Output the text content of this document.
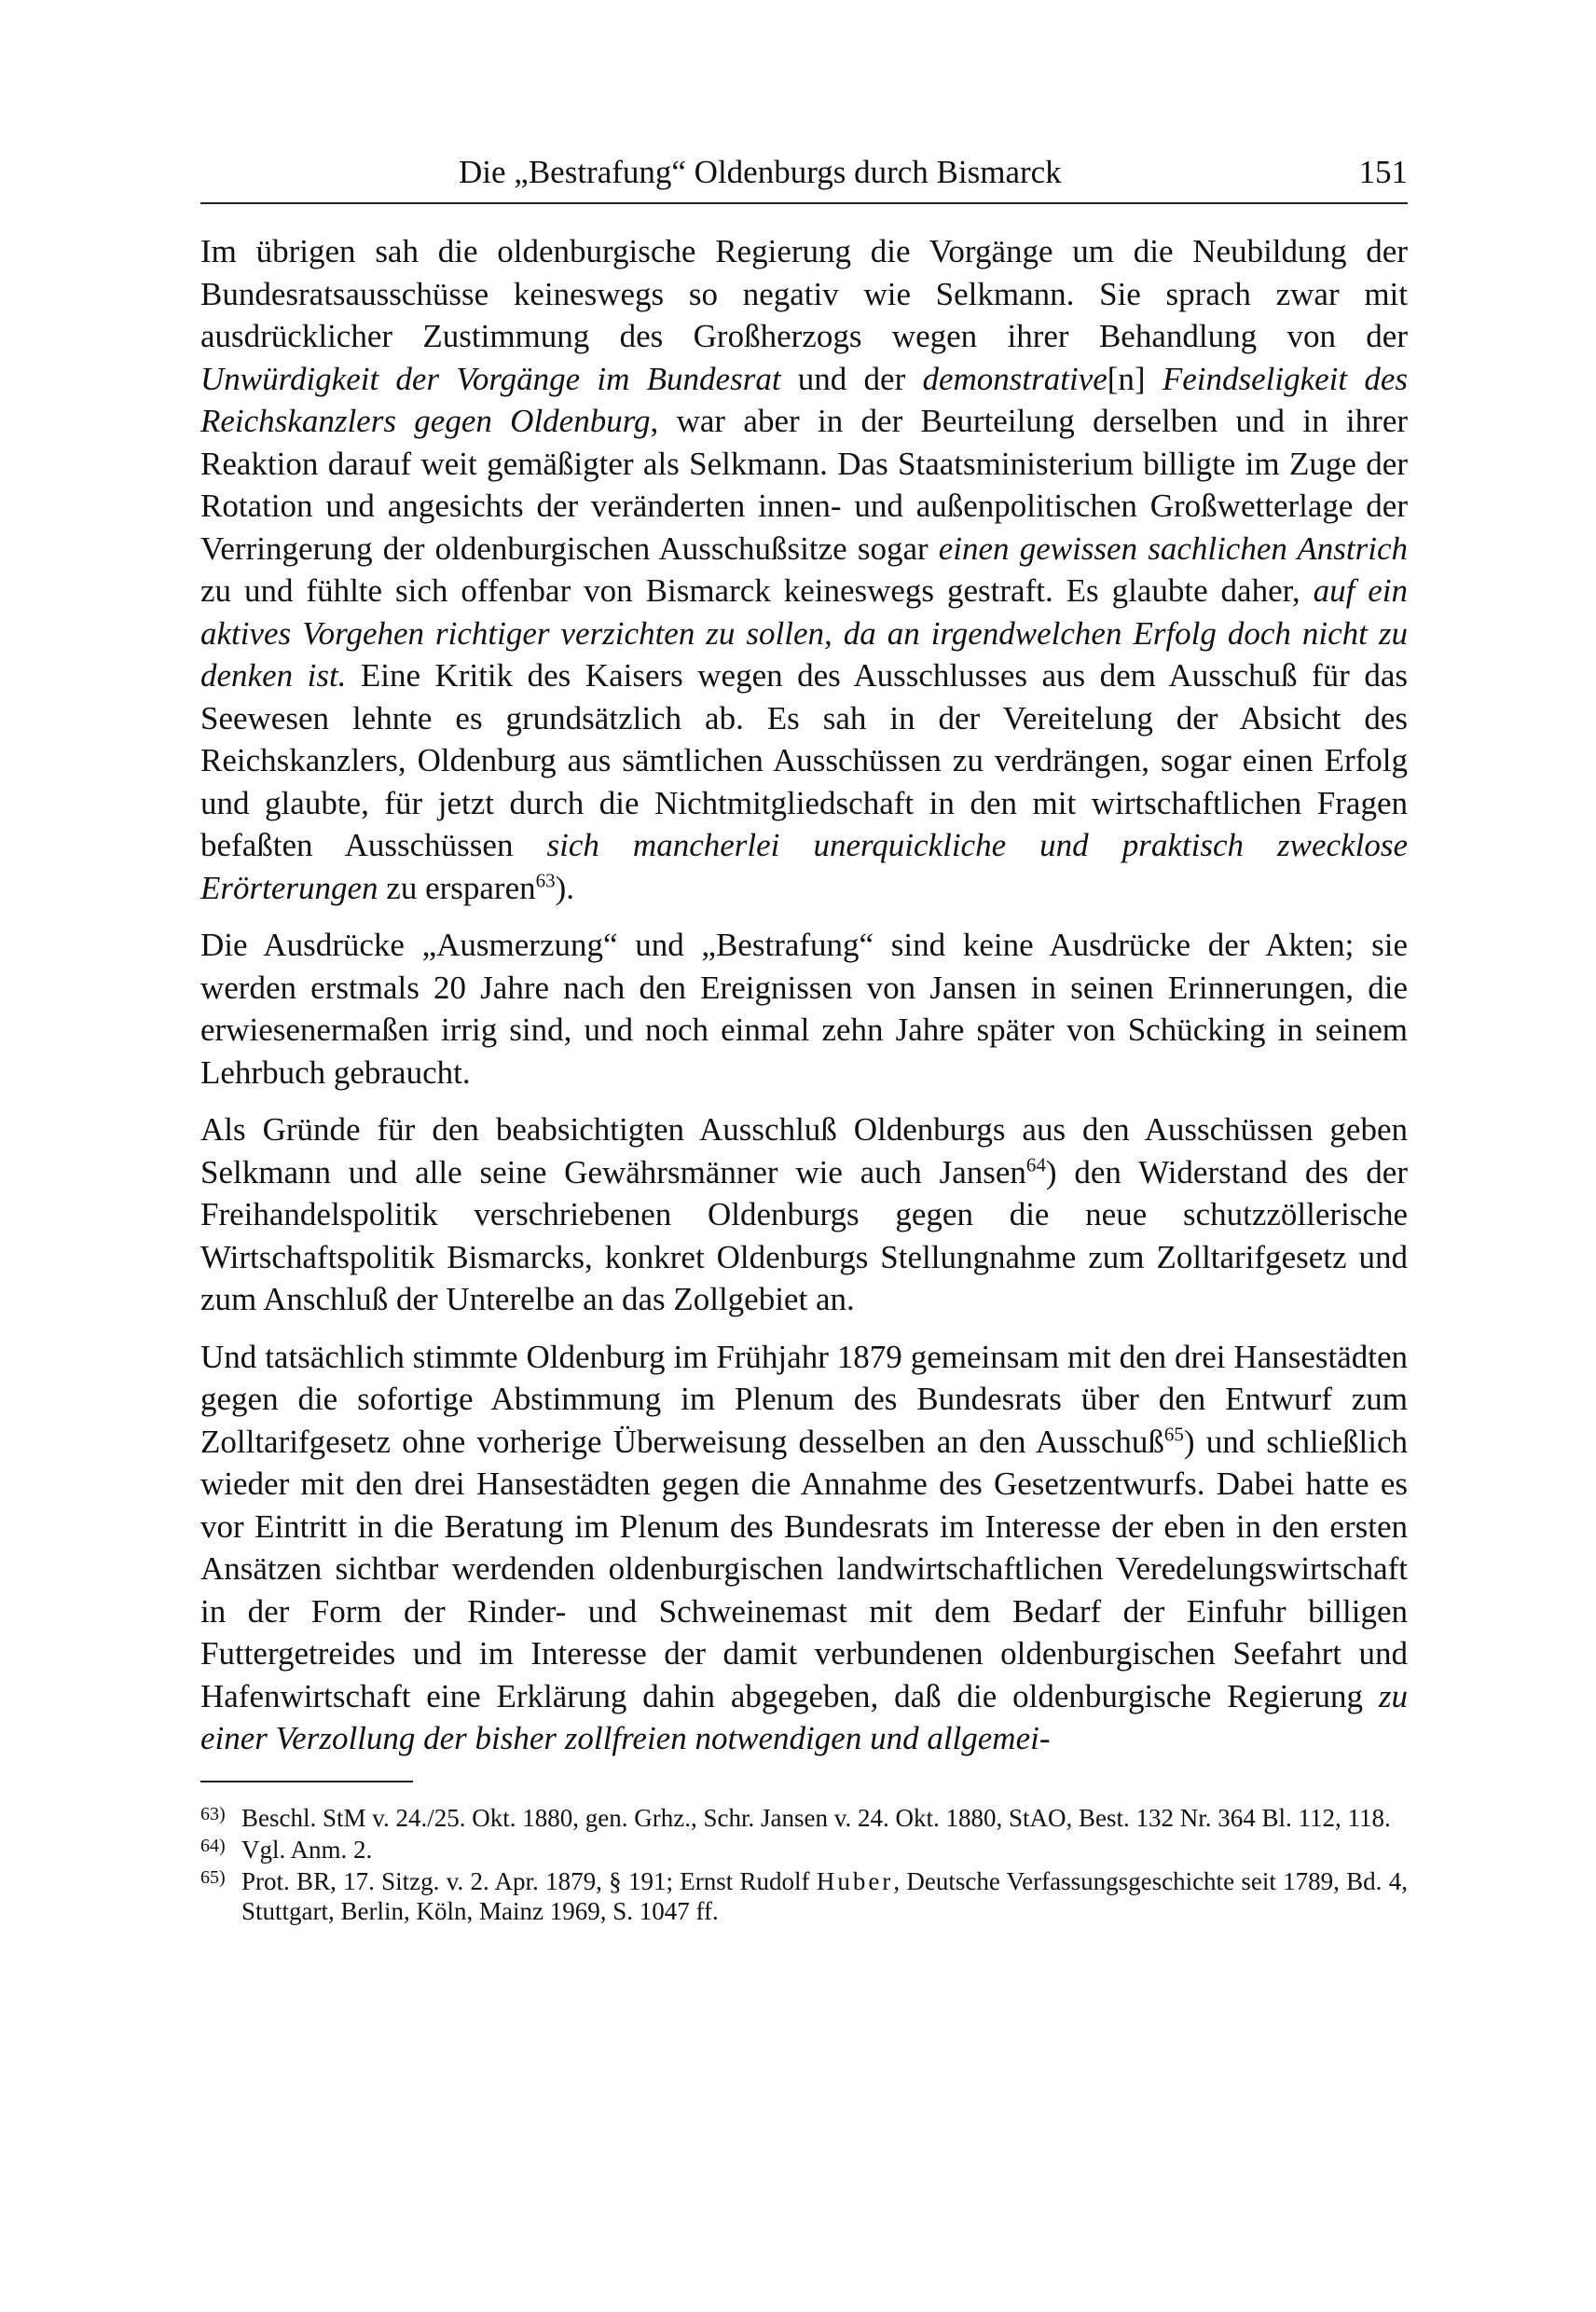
Die „Bestrafung“ Oldenburgs durch Bismarck	151

Im übrigen sah die oldenburgische Regierung die Vorgänge um die Neubildung der Bundesratsausschüsse keineswegs so negativ wie Selkmann. Sie sprach zwar mit ausdrücklicher Zustimmung des Großherzogs wegen ihrer Behandlung von der Unwürdigkeit der Vorgänge im Bundesrat und der demonstrative[n] Feindseligkeit des Reichskanzlers gegen Oldenburg, war aber in der Beurteilung derselben und in ihrer Reaktion darauf weit gemäßigter als Selkmann. Das Staatsministerium billigte im Zuge der Rotation und angesichts der veränderten innen- und außenpolitischen Großwetterlage der Verringerung der oldenburgischen Ausschußsitze sogar einen gewissen sachlichen Anstrich zu und fühlte sich offenbar von Bismarck keineswegs gestraft. Es glaubte daher, auf ein aktives Vorgehen richtiger verzichten zu sollen, da an irgendwelchen Erfolg doch nicht zu denken ist. Eine Kritik des Kaisers wegen des Ausschlusses aus dem Ausschuß für das Seewesen lehnte es grundsätzlich ab. Es sah in der Vereitelung der Absicht des Reichskanzlers, Oldenburg aus sämtlichen Ausschüssen zu verdrängen, sogar einen Erfolg und glaubte, für jetzt durch die Nichtmitgliedschaft in den mit wirtschaftlichen Fragen befaßten Ausschüssen sich mancherlei unerquickliche und praktisch zwecklose Erörterungen zu ersparen$^{63}$).

Die Ausdrücke „Ausmerzung“ und „Bestrafung“ sind keine Ausdrücke der Akten; sie werden erstmals 20 Jahre nach den Ereignissen von Jansen in seinen Erinnerungen, die erwiesenermaßen irrig sind, und noch einmal zehn Jahre später von Schücking in seinem Lehrbuch gebraucht.

Als Gründe für den beabsichtigten Ausschluß Oldenburgs aus den Ausschüssen geben Selkmann und alle seine Gewährsmänner wie auch Jansen$^{64}$) den Widerstand des der Freihandelspolitik verschriebenen Oldenburgs gegen die neue schutzzöllerische Wirtschaftspolitik Bismarcks, konkret Oldenburgs Stellungnahme zum Zolltarifgesetz und zum Anschluß der Unterelbe an das Zollgebiet an.

Und tatsächlich stimmte Oldenburg im Frühjahr 1879 gemeinsam mit den drei Hansestädten gegen die sofortige Abstimmung im Plenum des Bundesrats über den Entwurf zum Zolltarifgesetz ohne vorherige Überweisung desselben an den Ausschuß$^{65}$) und schließlich wieder mit den drei Hansestädten gegen die Annahme des Gesetzentwurfs. Dabei hatte es vor Eintritt in die Beratung im Plenum des Bundesrats im Interesse der eben in den ersten Ansätzen sichtbar werdenden oldenburgischen landwirtschaftlichen Veredelungswirtschaft in der Form der Rinder- und Schweinemast mit dem Bedarf der Einfuhr billigen Futtergetreides und im Interesse der damit verbundenen oldenburgischen Seefahrt und Hafenwirtschaft eine Erklärung dahin abgegeben, daß die oldenburgische Regierung zu einer Verzollung der bisher zollfreien notwendigen und allgemei-

63) Beschl. StM v. 24./25. Okt. 1880, gen. Grhz., Schr. Jansen v. 24. Okt. 1880, StAO, Best. 132 Nr. 364 Bl. 112, 118.
64) Vgl. Anm. 2.
65) Prot. BR, 17. Sitzg. v. 2. Apr. 1879, § 191; Ernst Rudolf Huber, Deutsche Verfassungsgeschichte seit 1789, Bd. 4, Stuttgart, Berlin, Köln, Mainz 1969, S. 1047 ff.
